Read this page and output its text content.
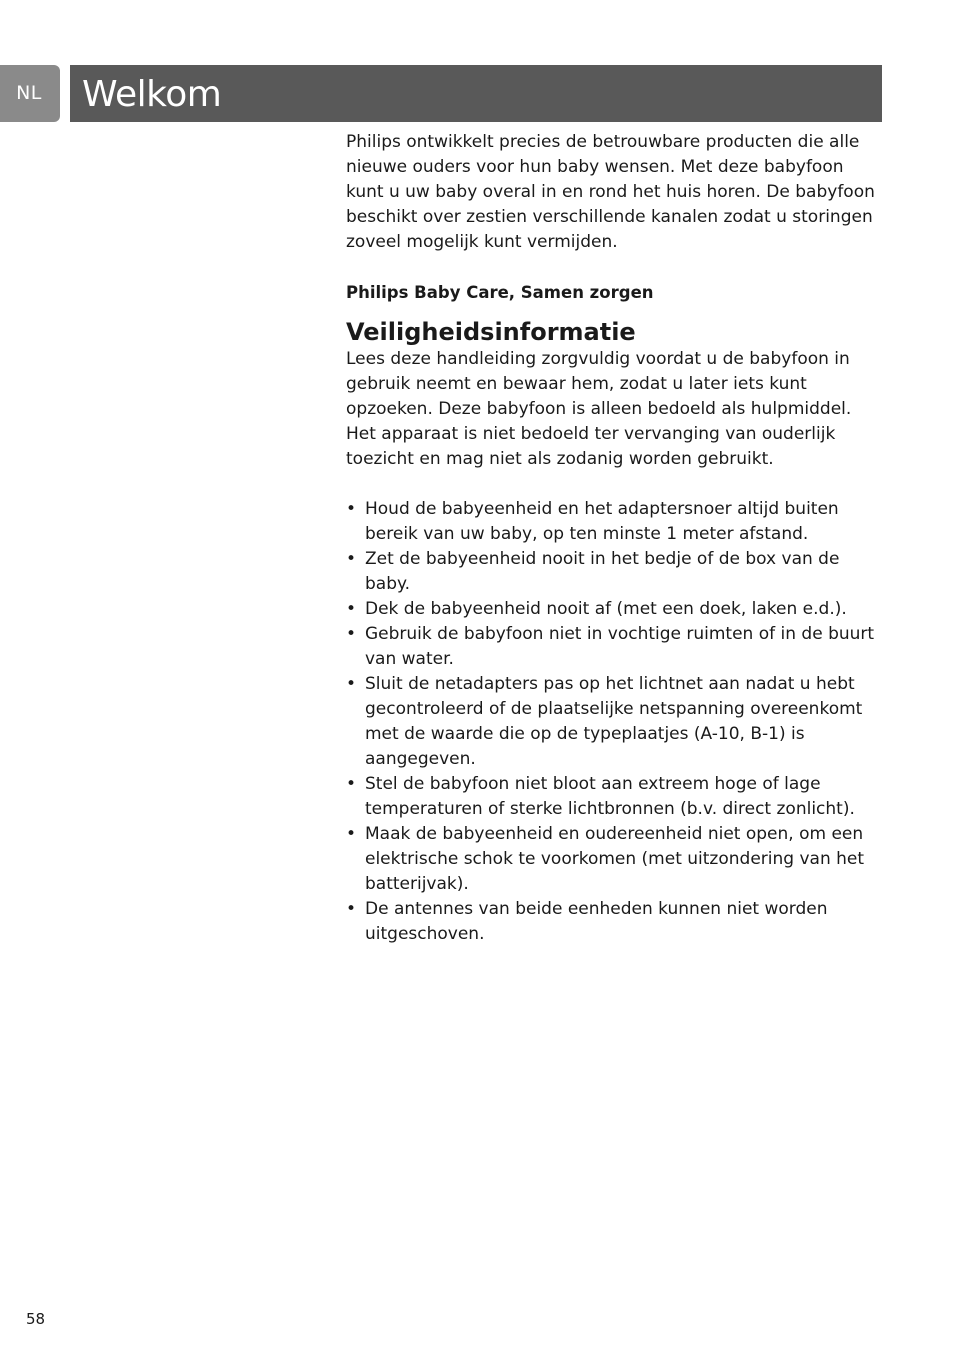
NL	Welkom

Philips ontwikkelt precies de betrouwbare producten die alle nieuwe ouders voor hun baby wensen. Met deze babyfoon kunt u uw baby overal in en rond het huis horen. De babyfoon beschikt over zestien verschillende kanalen zodat u storingen zoveel mogelijk kunt vermijden.

Philips Baby Care, Samen zorgen

Veiligheidsinformatie

Lees deze handleiding zorgvuldig voordat u de babyfoon in gebruik neemt en bewaar hem, zodat u later iets kunt opzoeken. Deze babyfoon is alleen bedoeld als hulpmiddel. Het apparaat is niet bedoeld ter vervanging van ouderlijk toezicht en mag niet als zodanig worden gebruikt.

• Houd de babyeenheid en het adaptersnoer altijd buiten bereik van uw baby, op ten minste 1 meter afstand.
• Zet de babyeenheid nooit in het bedje of de box van de baby.
• Dek de babyeenheid nooit af (met een doek, laken e.d.).
• Gebruik de babyfoon niet in vochtige ruimten of in de buurt van water.
• Sluit de netadapters pas op het lichtnet aan nadat u hebt gecontroleerd of de plaatselijke netspanning overeenkomt met de waarde die op de typeplaatjes (A-10, B-1) is aangegeven.
• Stel de babyfoon niet bloot aan extreem hoge of lage temperaturen of sterke lichtbronnen (b.v. direct zonlicht).
• Maak de babyeenheid en oudereenheid niet open, om een elektrische schok te voorkomen (met uitzondering van het batterijvak).
• De antennes van beide eenheden kunnen niet worden uitgeschoven.
58
